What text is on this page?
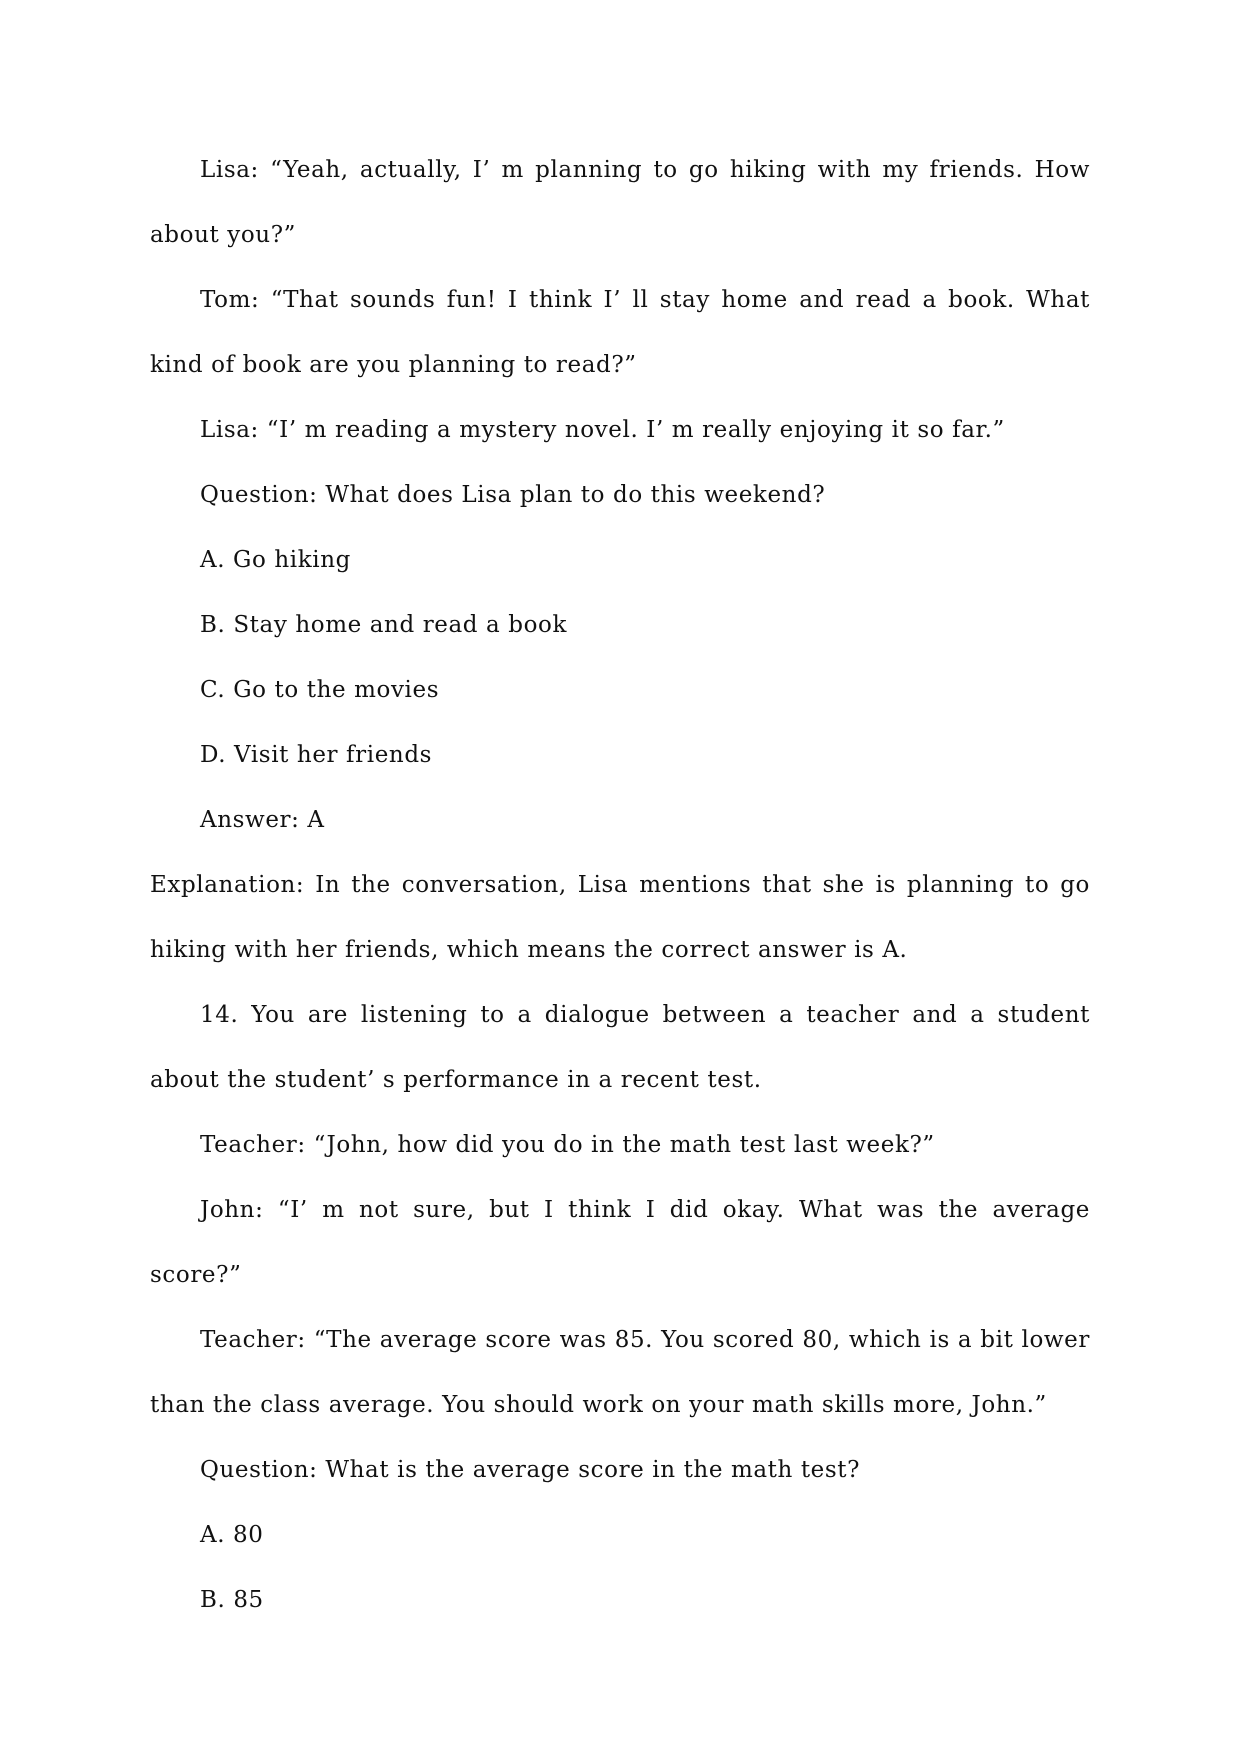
Lisa: “Yeah, actually, I’ m planning to go hiking with my friends. How about you?”

Tom: “That sounds fun! I think I’ ll stay home and read a book. What kind of book are you planning to read?”

Lisa: “I’ m reading a mystery novel. I’ m really enjoying it so far.”

Question: What does Lisa plan to do this weekend?

A. Go hiking

B. Stay home and read a book

C. Go to the movies

D. Visit her friends

Answer: A

Explanation: In the conversation, Lisa mentions that she is planning to go hiking with her friends, which means the correct answer is A.

14. You are listening to a dialogue between a teacher and a student about the student’ s performance in a recent test.

Teacher: “John, how did you do in the math test last week?”

John: “I’ m not sure, but I think I did okay. What was the average score?”

Teacher: “The average score was 85. You scored 80, which is a bit lower than the class average. You should work on your math skills more, John.”

Question: What is the average score in the math test?

A. 80

B. 85
